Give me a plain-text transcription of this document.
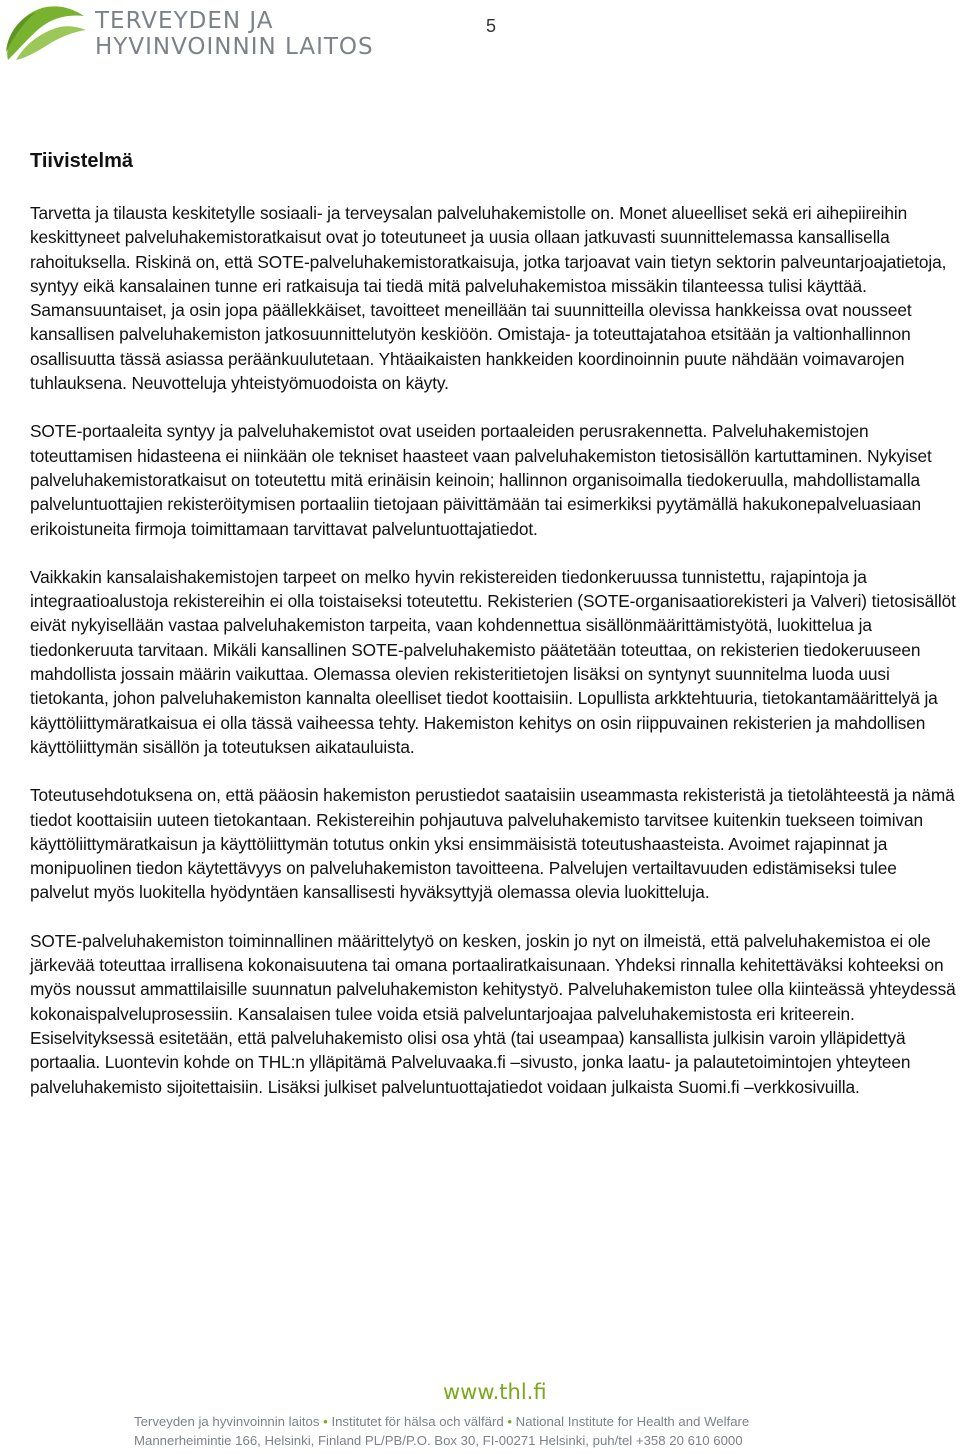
TERVEYDEN JA
HYVINVOINNIN LAITOS
5
Tiivistelmä

Tarvetta ja tilausta keskitetylle sosiaali- ja terveysalan palveluhakemistolle on. Monet alueelliset sekä eri aihepiireihin keskittyneet palveluhakemistoratkaisut ovat jo toteutuneet ja uusia ollaan jatkuvasti suunnittelemassa kansallisella rahoituksella. Riskinä on, että SOTE-palveluhakemistoratkaisuja, jotka tarjoavat vain tietyn sektorin palveuntarjoajatietoja, syntyy eikä kansalainen tunne eri ratkaisuja tai tiedä mitä palveluhakemistoa missäkin tilanteessa tulisi käyttää. Samansuuntaiset, ja osin jopa päällekkäiset, tavoitteet meneillään tai suunnitteilla olevissa hankkeissa ovat nousseet kansallisen palveluhakemiston jatkosuunnittelutyön keskiöön. Omistaja- ja toteuttajatahoa etsitään ja valtionhallinnon osallisuutta tässä asiassa peräänkuulutetaan. Yhtäaikaisten hankkeiden koordinoinnin puute nähdään voimavarojen tuhlauksena. Neuvotteluja yhteistyömuodoista on käyty.

SOTE-portaaleita syntyy ja palveluhakemistot ovat useiden portaaleiden perusrakennetta. Palveluhakemistojen toteuttamisen hidasteena ei niinkään ole tekniset haasteet vaan palveluhakemiston tietosisällön kartuttaminen. Nykyiset palveluhakemistoratkaisut on toteutettu mitä erinäisin keinoin; hallinnon organisoimalla tiedokeruulla, mahdollistamalla palveluntuottajien rekisteröitymisen portaaliin tietojaan päivittämään tai esimerkiksi pyytämällä hakukonepalveluasiaan erikoistuneita firmoja toimittamaan tarvittavat palveluntuottajatiedot.

Vaikkakin kansalaishakemistojen tarpeet on melko hyvin rekistereiden tiedonkeruussa tunnistettu, rajapintoja ja integraatioalustoja rekistereihin ei olla toistaiseksi toteutettu. Rekisterien (SOTE-organisaatiorekisteri ja Valveri) tietosisällöt eivät nykyisellään vastaa palveluhakemiston tarpeita, vaan kohdennettua sisällönmäärittämistyötä, luokittelua ja tiedonkeruuta tarvitaan. Mikäli kansallinen SOTE-palveluhakemisto päätetään toteuttaa, on rekisterien tiedokeruuseen mahdollista jossain määrin vaikuttaa. Olemassa olevien rekisteritietojen lisäksi on syntynyt suunnitelma luoda uusi tietokanta, johon palveluhakemiston kannalta oleelliset tiedot koottaisiin. Lopullista arkktehtuuria, tietokantamäärittelyä ja käyttöliittymäratkaisua ei olla tässä vaiheessa tehty. Hakemiston kehitys on osin riippuvainen rekisterien ja mahdollisen käyttöliittymän sisällön ja toteutuksen aikatauluista.

Toteutusehdotuksena on, että pääosin hakemiston perustiedot saataisiin useammasta rekisteristä ja tietolähteestä ja nämä tiedot koottaisiin uuteen tietokantaan. Rekistereihin pohjautuva palveluhakemisto tarvitsee kuitenkin tuekseen toimivan käyttöliittymäratkaisun ja käyttöliittymän totutus onkin yksi ensimmäisistä toteutushaasteista. Avoimet rajapinnat ja monipuolinen tiedon käytettävyys on palveluhakemiston tavoitteena. Palvelujen vertailtavuuden edistämiseksi tulee palvelut myös luokitella hyödyntäen kansallisesti hyväksyttyjä olemassa olevia luokitteluja.

SOTE-palveluhakemiston toiminnallinen määrittelytyö on kesken, joskin jo nyt on ilmeistä, että palveluhakemistoa ei ole järkevää toteuttaa irrallisena kokonaisuutena tai omana portaaliratkaisunaan. Yhdeksi rinnalla kehitettäväksi kohteeksi on myös noussut ammattilaisille suunnatun palveluhakemiston kehitystyö. Palveluhakemiston tulee olla kiinteässä yhteydessä kokonaispalveluprosessiin. Kansalaisen tulee voida etsiä palveluntarjoajaa palveluhakemistosta eri kriteerein. Esiselvityksessä esitetään, että palveluhakemisto olisi osa yhtä (tai useampaa) kansallista julkisin varoin ylläpidettyä portaalia. Luontevin kohde on THL:n ylläpitämä Palveluvaaka.fi –sivusto, jonka laatu- ja palautetoimintojen yhteyteen palveluhakemisto sijoitettaisiin. Lisäksi julkiset palveluntuottajatiedot voidaan julkaista Suomi.fi –verkkosivuilla.

www.thl.fi
Terveyden ja hyvinvoinnin laitos • Institutet för hälsa och välfärd • National Institute for Health and Welfare
Mannerheimintie 166, Helsinki, Finland PL/PB/P.O. Box 30, FI-00271 Helsinki, puh/tel +358 20 610 6000
